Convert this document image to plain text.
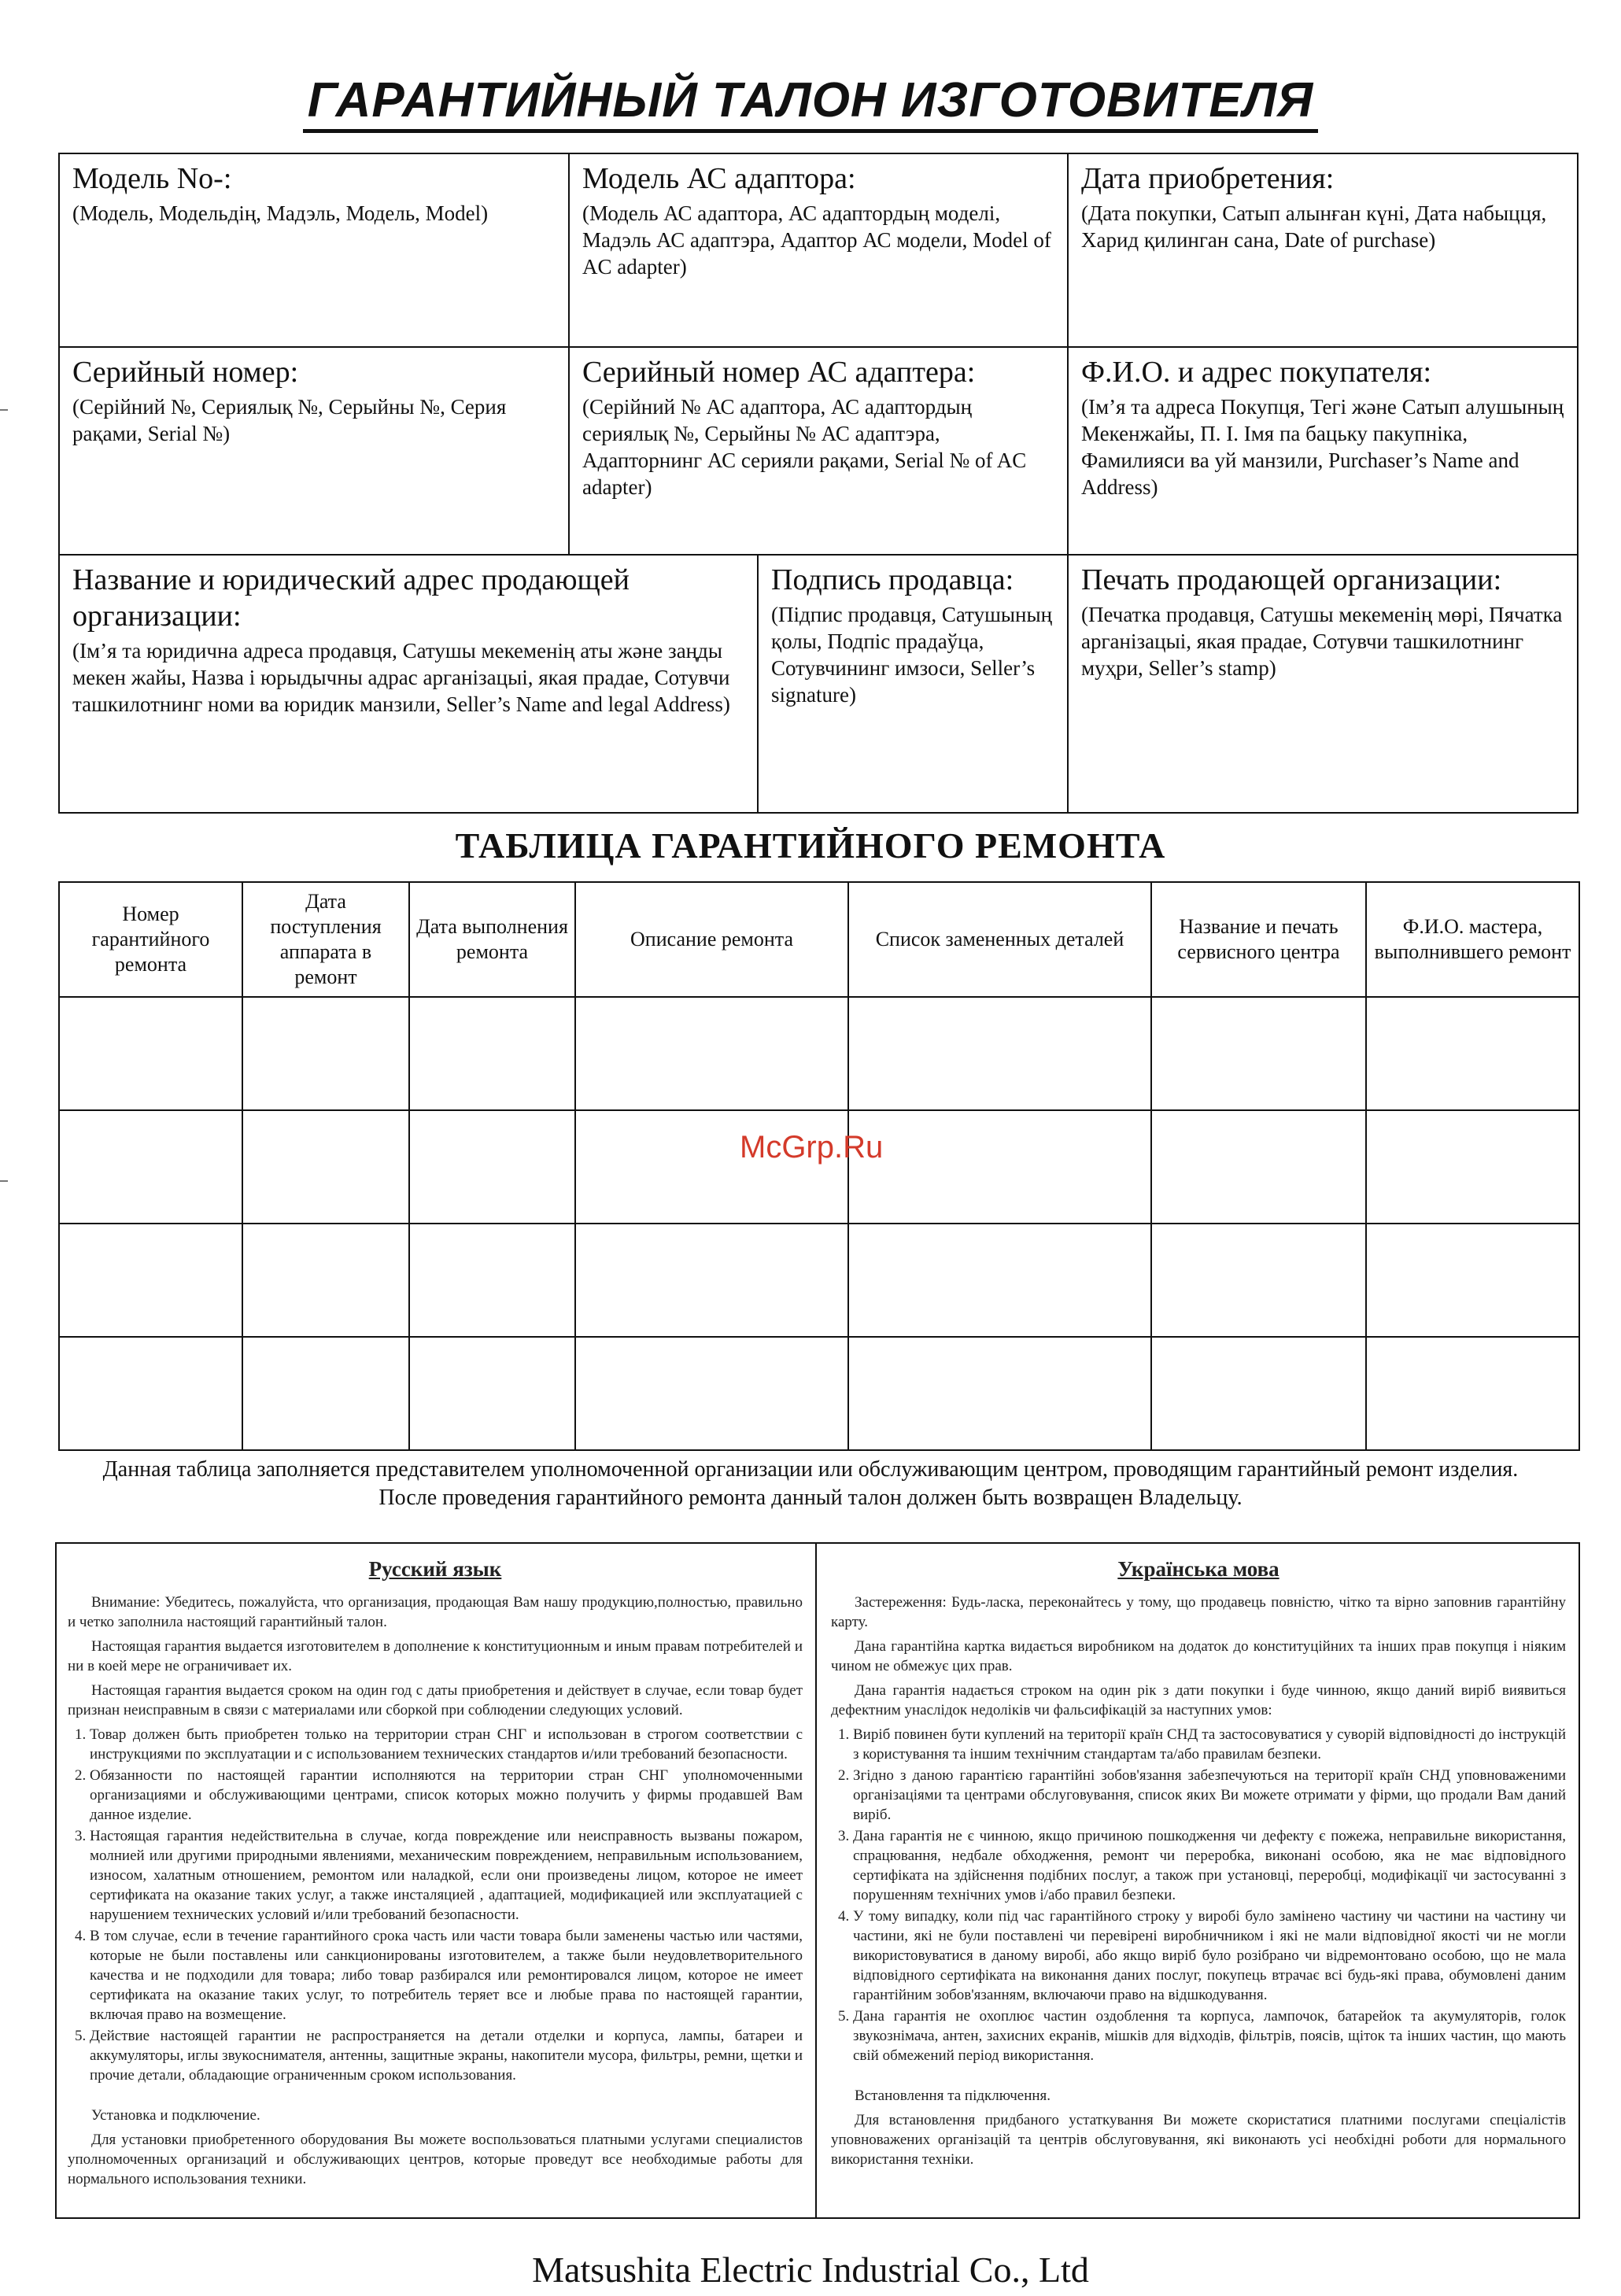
ГАРАНТИЙНЫЙ ТАЛОН ИЗГОТОВИТЕЛЯ
Модель No-:
(Модель, Модельдің, Мадэль, Модель, Model)
Модель АС адаптора:
(Модель АС адаптора, АС адаптордың моделі, Мадэль АС адаптэра, Адаптор АС модели, Model of AC adapter)
Дата приобретения:
(Дата покупки, Сатып алынған күні, Дата набыцця, Харид қилинган сана, Date of purchase)
Серийный номер:
(Серійний №, Сериялық №, Серыйны №, Серия рақами, Serial №)
Серийный номер АС адаптера:
(Серійний № АС адаптора, АС адаптордың сериялық №, Серыйны № АС адаптэра, Адапторнинг АС серияли рақами, Serial № of AC adapter)
Ф.И.О. и адрес покупателя:
(Ім’я та адреса Покупця, Тегі және Сатып алушының Мекенжайы, П. І. Імя па бацьку пакупніка, Фамилияси ва уй манзили, Purchaser’s Name and Address)
Название и юридический адрес продающей организации:
(Ім’я та юридична адреса продавця, Сатушы мекеменің аты және заңды мекен жайы, Назва і юрыдычны адрас арганізацыі, якая прадае, Сотувчи ташкилотнинг номи ва юридик манзили, Seller’s Name and legal Address)
Подпись продавца:
(Підпис продавця, Сатушының қолы, Подпіс прадаўца, Сотувчининг имзоси, Seller’s signature)
Печать продающей организации:
(Печатка продавця, Сатушы мекеменің мөрі, Пячатка арганізацыі, якая прадае, Сотувчи ташкилотнинг муҳри, Seller’s stamp)
ТАБЛИЦА ГАРАНТИЙНОГО РЕМОНТА
Номер гарантийного ремонта	Дата поступления аппарата в ремонт	Дата выполнения ремонта	Описание ремонта	Список замененных деталей	Название и печать сервисного центра	Ф.И.О. мастера, выполнившего ремонт

McGrp.Ru
Данная таблица заполняется представителем уполномоченной организации или обслуживающим центром, проводящим гарантийный ремонт изделия.
После проведения гарантийного ремонта данный талон должен быть возвращен Владельцу.
Русский язык

Внимание: Убедитесь, пожалуйста, что организация, продающая Вам нашу продукцию,полностью, правильно и четко заполнила настоящий гарантийный талон.

Настоящая гарантия выдается изготовителем в дополнение к конституционным и иным правам потребителей и ни в коей мере не ограничивает их.

Настоящая гарантия выдается сроком на один год с даты приобретения и действует в случае, если товар будет признан неисправным в связи с материалами или сборкой при соблюдении следующих условий.

1. Товар должен быть приобретен только на территории стран СНГ и использован в строгом соответствии с инструкциями по эксплуатации и с использованием технических стандартов и/или требований безопасности.
2. Обязанности по настоящей гарантии исполняются на территории стран СНГ уполномоченными организациями и обслуживающими центрами, список которых можно получить у фирмы продавшей Вам данное изделие.
3. Настоящая гарантия недействительна в случае, когда повреждение или неисправность вызваны пожаром, молнией или другими природными явлениями, механическим повреждением, неправильным использованием, износом, халатным отношением, ремонтом или наладкой, если они произведены лицом, которое не имеет сертификата на оказание таких услуг, а также инсталяцией , адаптацией, модификацией или эксплуатацией с нарушением технических условий и/или требований безопасности.
4. В том случае, если в течение гарантийного срока часть или части товара были заменены частью или частями, которые не были поставлены или санкционированы изготовителем, а также были неудовлетворительного качества и не подходили для товара; либо товар разбирался или ремонтировался лицом, которое не имеет сертификата на оказание таких услуг, то потребитель теряет все и любые права по настоящей гарантии, включая право на возмещение.
5. Действие настоящей гарантии не распространяется на детали отделки и корпуса, лампы, батареи и аккумуляторы, иглы звукоснимателя, антенны, защитные экраны, накопители мусора, фильтры, ремни, щетки и прочие детали, обладающие ограниченным сроком использования.

Установка и подключение.

Для установки приобретенного оборудования Вы можете воспользоваться платными услугами специалистов уполномоченных организаций и обслуживающих центров, которые проведут все необходимые работы для нормального использования техники.

Українська мова

Застереження: Будь-ласка, переконайтесь у тому, що продавець повністю, чітко та вірно заповнив гарантійну карту.

Дана гарантійна картка видається виробником на додаток до конституційних та інших прав покупця і ніяким чином не обмежує цих прав.

Дана гарантія надається строком на один рік з дати покупки і буде чинною, якщо даний виріб виявиться дефектним унаслідок недоліків чи фальсифікацій за наступних умов:

1. Виріб повинен бути куплений на території країн СНД та застосовуватися у суворій відповідності до інструкцій з користування та іншим технічним стандартам та/або правилам безпеки.
2. Згідно з даною гарантією гарантійні зобов'язання забезпечуються на території країн СНД уповноваженими організаціями та центрами обслуговування, список яких Ви можете отримати у фірми, що продали Вам даний виріб.
3. Дана гарантія не є чинною, якщо причиною пошкодження чи дефекту є пожежа, неправильне використання, спрацювання, недбале обходження, ремонт чи переробка, виконані особою, яка не має відповідного сертифіката на здійснення подібних послуг, а також при установці, переробці, модифікації чи застосуванні з порушенням технічних умов і/або правил безпеки.
4. У тому випадку, коли під час гарантійного строку у виробі було замінено частину чи частини на частину чи частини, які не були поставлені чи перевірені виробничником і які не мали відповідної якості чи не могли використовуватися в даному виробі, або якщо виріб було розібрано чи відремонтовано особою, що не мала відповідного сертифіката на виконання даних послуг, покупець втрачає всі будь-які права, обумовлені даним гарантійним зобов'язанням, включаючи право на відшкодування.
5. Дана гарантія не охоплює частин оздоблення та корпуса, лампочок, батарейок та акумуляторів, голок звукознімача, антен, захисних екранів, мішків для відходів, фільтрів, поясів, щіток та інших частин, що мають свій обмежений період використання.

Встановлення та підключення.

Для встановлення придбаного устаткування Ви можете скористатися платними послугами спеціалістів уповноважених організацій та центрів обслуговування, які виконають усі необхідні роботи для нормального використання техніки.

Matsushita Electric Industrial Co., Ltd
